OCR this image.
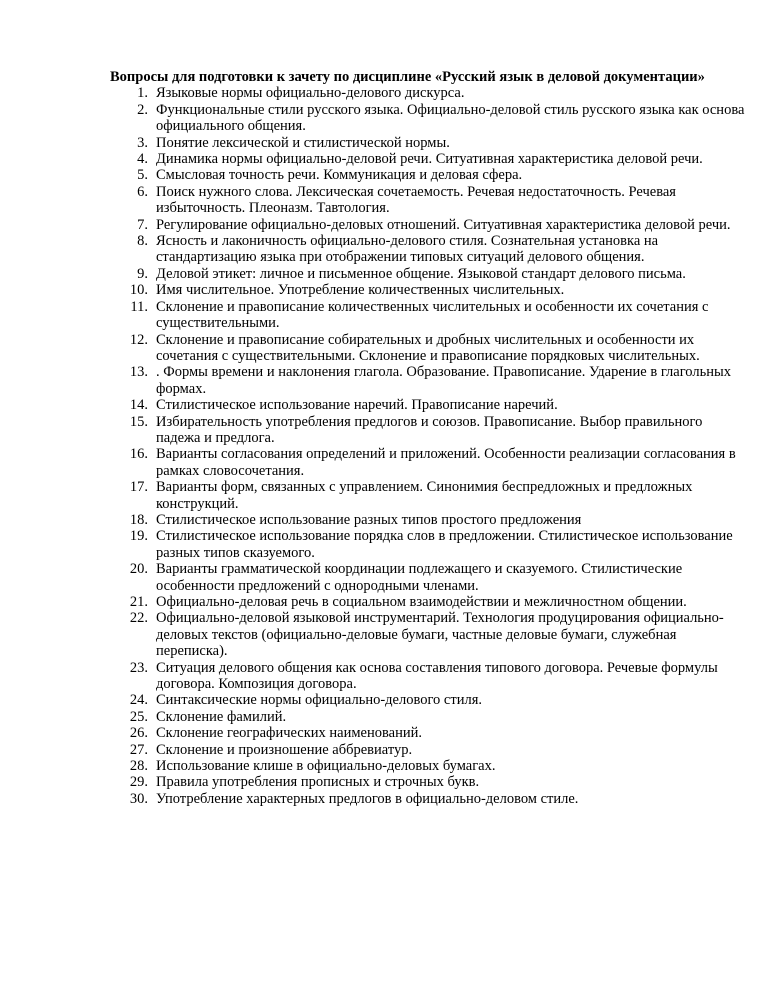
Вопросы для подготовки к зачету по дисциплине «Русский язык в деловой документации»

1. Языковые нормы официально-делового дискурса.
2. Функциональные стили русского языка. Официально-деловой стиль русского языка как основа официального общения.
3. Понятие лексической и стилистической нормы.
4. Динамика нормы официально-деловой речи. Ситуативная характеристика деловой речи.
5. Смысловая точность речи. Коммуникация и деловая сфера.
6. Поиск нужного слова. Лексическая сочетаемость. Речевая недостаточность. Речевая избыточность. Плеоназм. Тавтология.
7. Регулирование официально-деловых отношений. Ситуативная характеристика деловой речи.
8. Ясность и лаконичность официально-делового стиля. Сознательная установка на стандартизацию языка при отображении типовых ситуаций делового общения.
9. Деловой этикет: личное и письменное общение. Языковой стандарт делового письма.
10. Имя числительное. Употребление количественных числительных.
11. Склонение и правописание количественных числительных и особенности их сочетания с существительными.
12. Склонение и правописание собирательных и дробных числительных и особенности их сочетания с существительными. Склонение и правописание порядковых числительных.
13. . Формы времени и наклонения глагола. Образование. Правописание. Ударение в глагольных формах.
14. Стилистическое использование наречий. Правописание наречий.
15. Избирательность употребления предлогов и союзов. Правописание. Выбор правильного падежа и предлога.
16. Варианты согласования определений и приложений. Особенности реализации согласования в рамках словосочетания.
17. Варианты форм, связанных с управлением. Синонимия беспредложных и предложных конструкций.
18. Стилистическое использование разных типов простого предложения
19. Стилистическое использование порядка слов в предложении. Стилистическое использование разных типов сказуемого.
20. Варианты грамматической координации подлежащего и сказуемого. Стилистические особенности предложений с однородными членами.
21. Официально-деловая речь в социальном взаимодействии и межличностном общении.
22. Официально-деловой языковой инструментарий. Технология продуцирования официально-деловых текстов (официально-деловые бумаги, частные деловые бумаги, служебная переписка).
23. Ситуация делового общения как основа составления типового договора. Речевые формулы договора. Композиция договора.
24. Синтаксические нормы официально-делового стиля.
25. Склонение фамилий.
26. Склонение географических наименований.
27. Склонение и произношение аббревиатур.
28. Использование клише в официально-деловых бумагах.
29. Правила употребления прописных и строчных букв.
30. Употребление характерных предлогов в официально-деловом стиле.
